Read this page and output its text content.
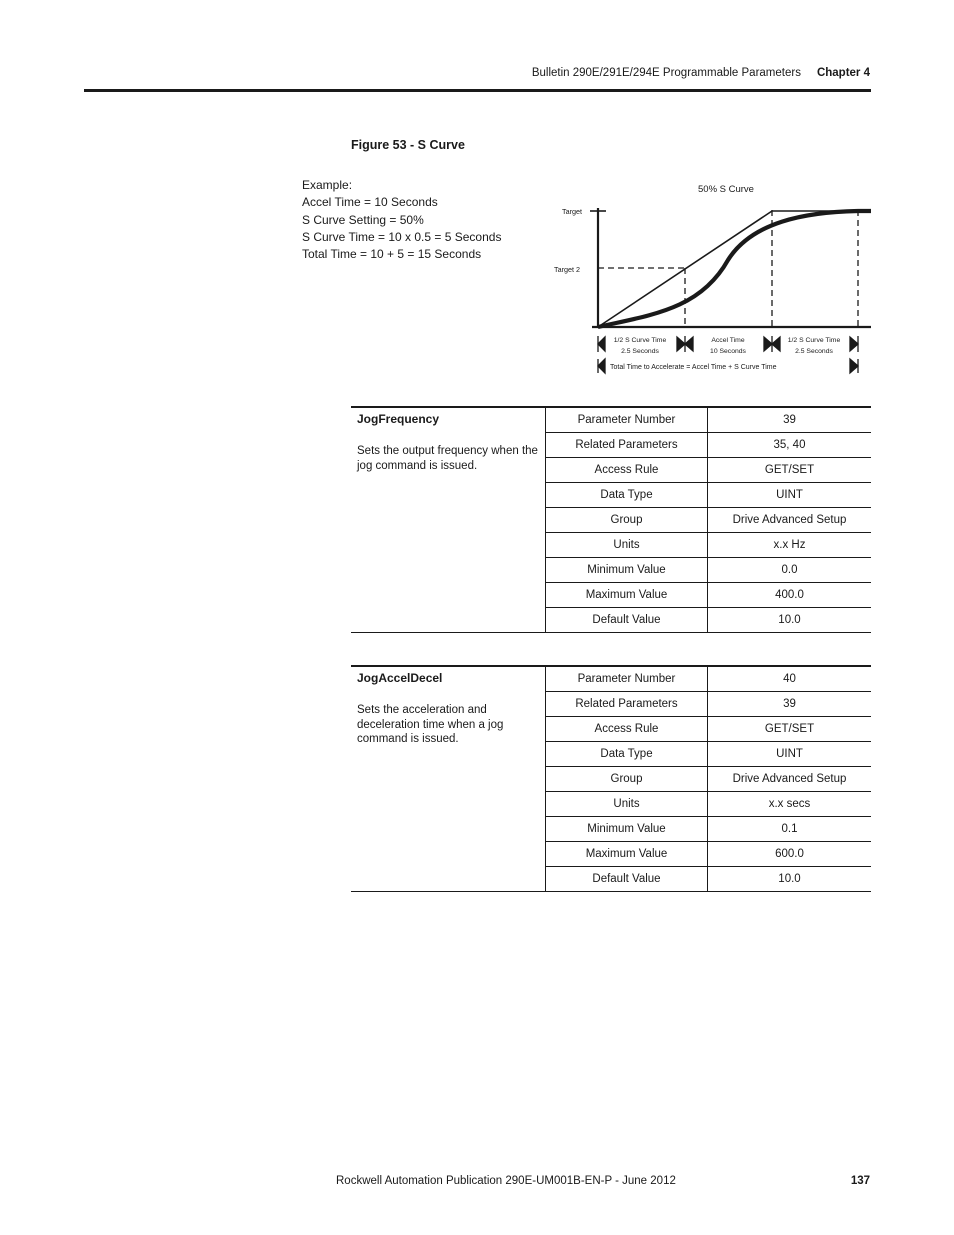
Bulletin 290E/291E/294E Programmable Parameters Chapter 4
Figure 53 - S Curve
Example:
Accel Time = 10 Seconds
S Curve Setting = 50%
S Curve Time = 10 x 0.5 = 5 Seconds
Total Time = 10 + 5 = 15 Seconds
50% S Curve
Target
Target 2
1/2 S Curve Time
2.5 Seconds
Accel Time
10 Seconds
1/2 S Curve Time
2.5 Seconds
Total Time to Accelerate = Accel Time + S Curve Time
JogFrequency
Sets the output frequency when the jog command is issued.	Parameter Number	39
	Related Parameters	35, 40
	Access Rule	GET/SET
	Data Type	UINT
	Group	Drive Advanced Setup
	Units	x.x Hz
	Minimum Value	0.0
	Maximum Value	400.0
	Default Value	10.0
JogAccelDecel
Sets the acceleration and deceleration time when a jog command is issued.	Parameter Number	40
	Related Parameters	39
	Access Rule	GET/SET
	Data Type	UINT
	Group	Drive Advanced Setup
	Units	x.x secs
	Minimum Value	0.1
	Maximum Value	600.0
	Default Value	10.0
Rockwell Automation Publication 290E-UM001B-EN-P - June 2012	137
